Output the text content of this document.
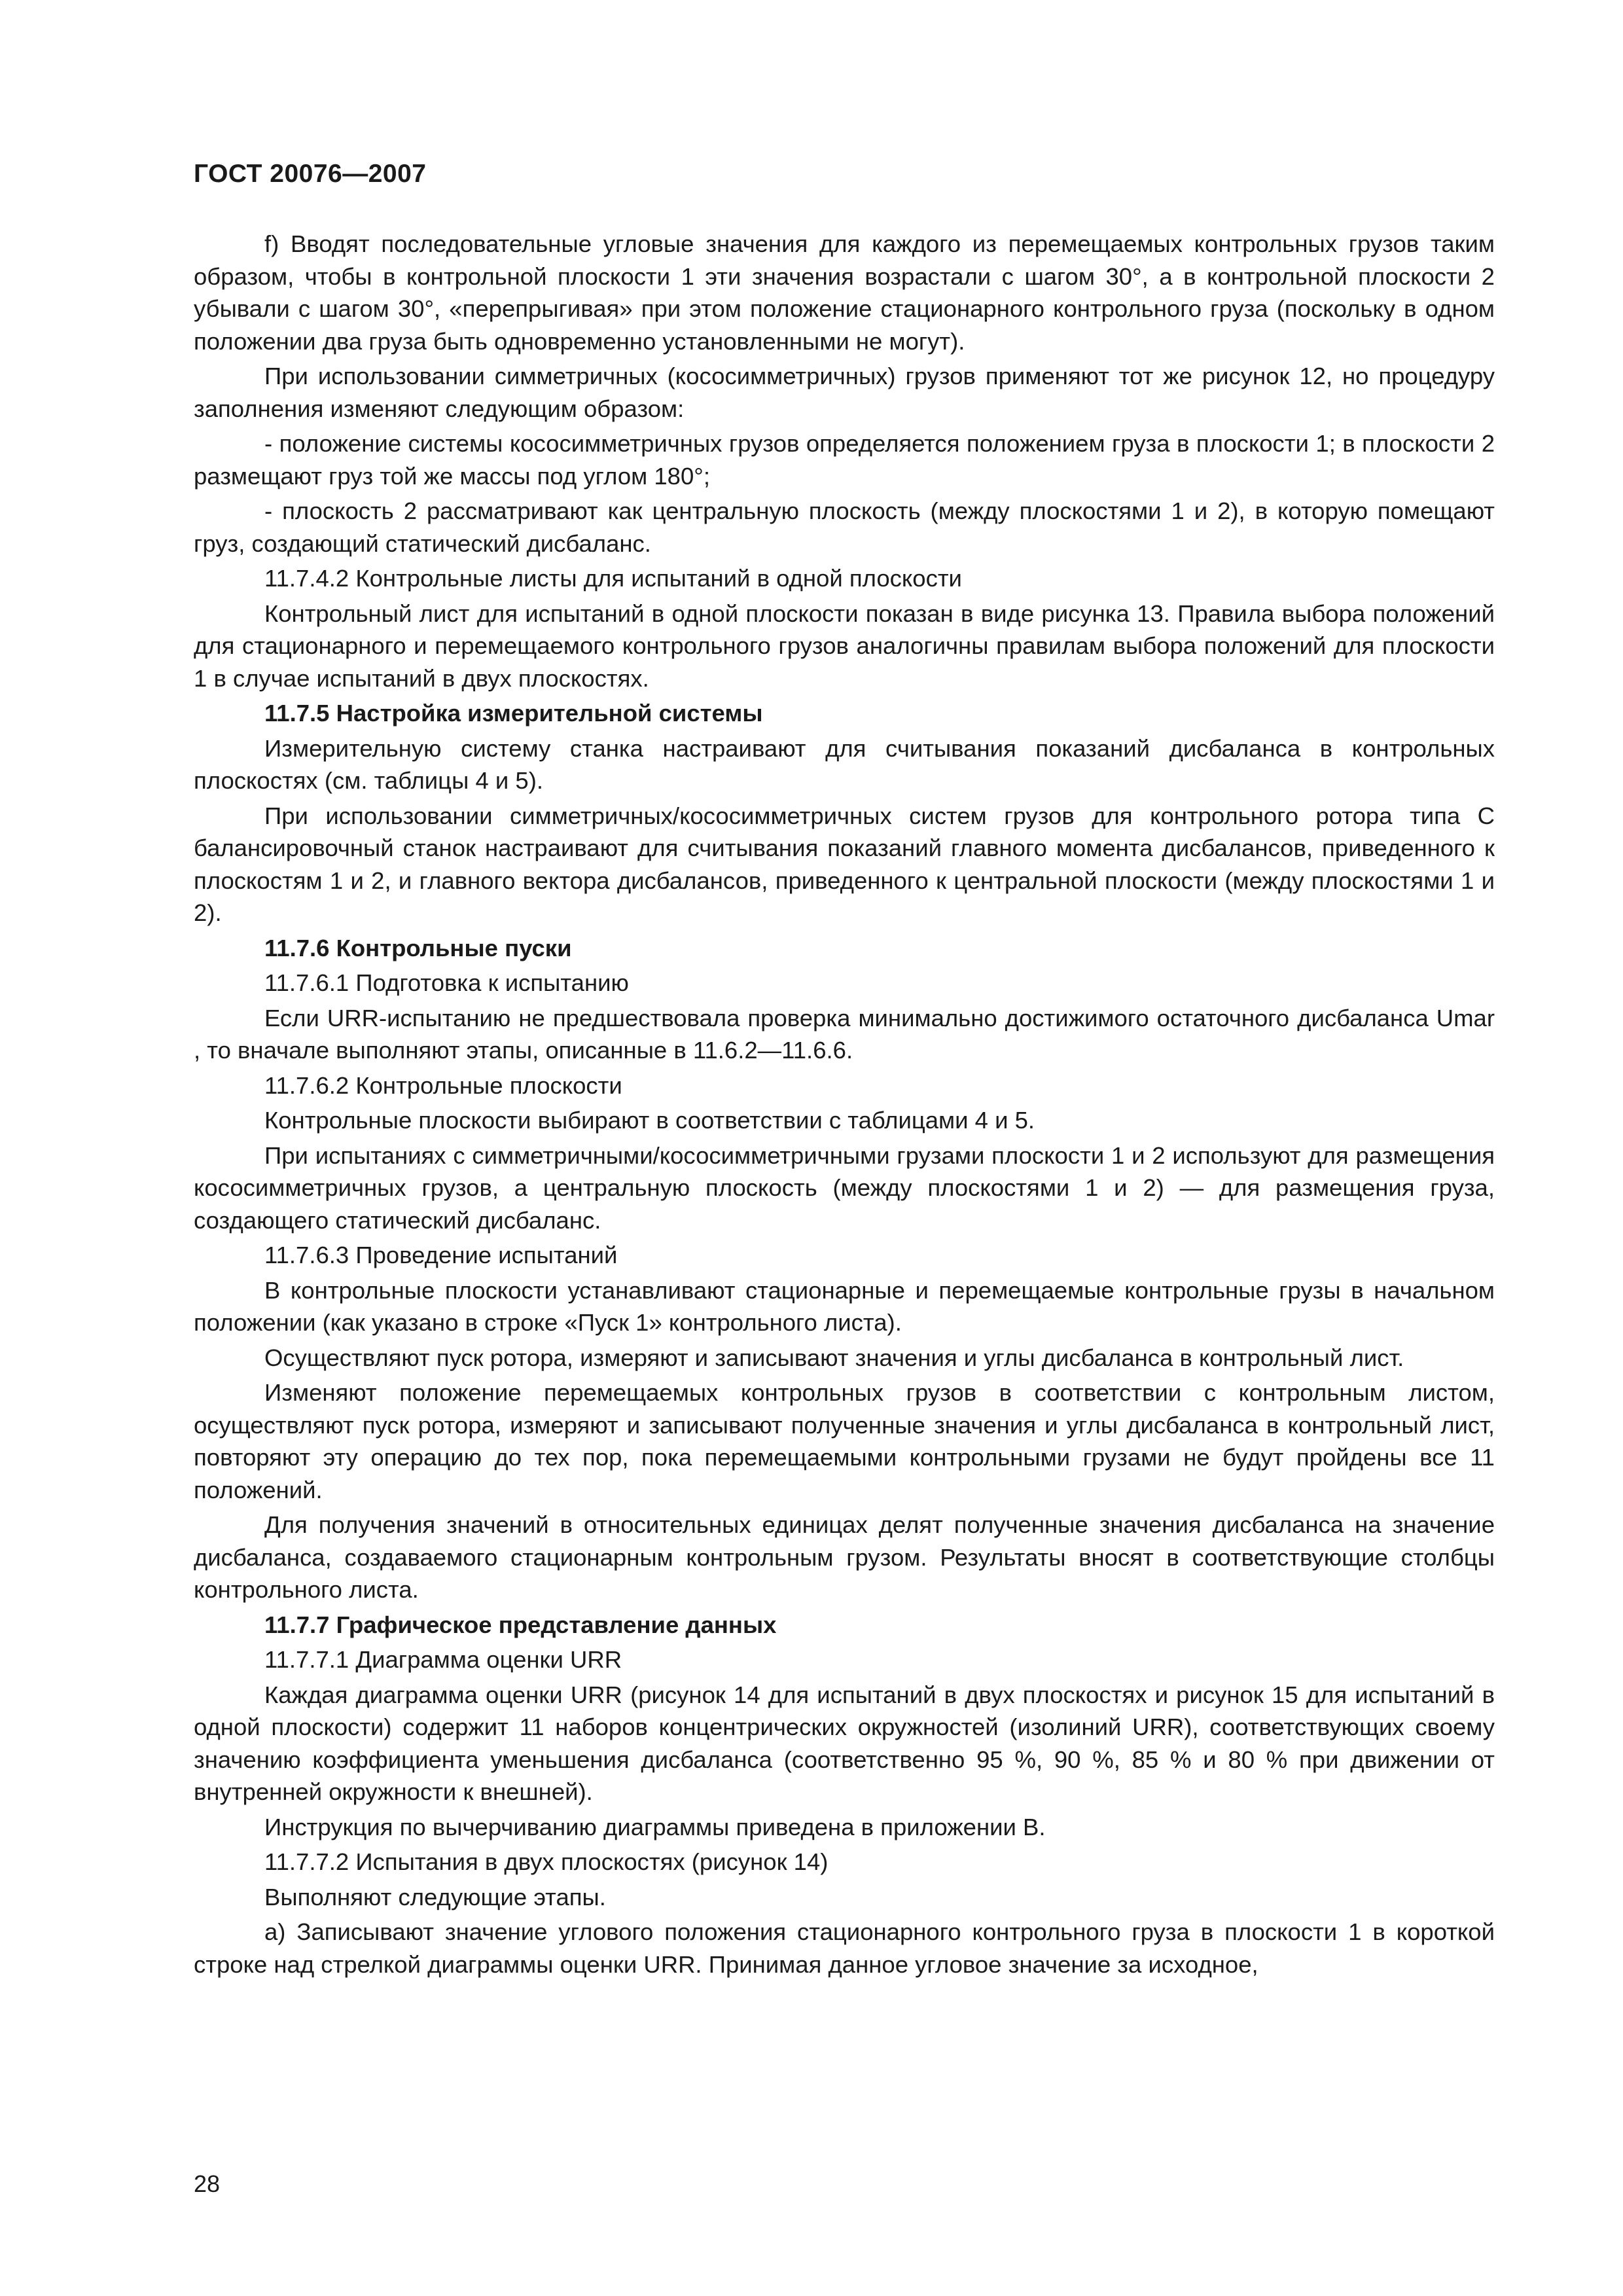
ГОСТ 20076—2007

f) Вводят последовательные угловые значения для каждого из перемещаемых контрольных грузов таким образом, чтобы в контрольной плоскости 1 эти значения возрастали с шагом 30°, а в контрольной плоскости 2 убывали с шагом 30°, «перепрыгивая» при этом положение стационарного контрольного груза (поскольку в одном положении два груза быть одновременно установленными не могут).

При использовании симметричных (кососимметричных) грузов применяют тот же рисунок 12, но процедуру заполнения изменяют следующим образом:

- положение системы кососимметричных грузов определяется положением груза в плоскости 1; в плоскости 2 размещают груз той же массы под углом 180°;

- плоскость 2 рассматривают как центральную плоскость (между плоскостями 1 и 2), в которую помещают груз, создающий статический дисбаланс.

11.7.4.2 Контрольные листы для испытаний в одной плоскости

Контрольный лист для испытаний в одной плоскости показан в виде рисунка 13. Правила выбора положений для стационарного и перемещаемого контрольного грузов аналогичны правилам выбора положений для плоскости 1 в случае испытаний в двух плоскостях.

11.7.5 Настройка измерительной системы

Измерительную систему станка настраивают для считывания показаний дисбаланса в контрольных плоскостях (см. таблицы 4 и 5).

При использовании симметричных/кососимметричных систем грузов для контрольного ротора типа С балансировочный станок настраивают для считывания показаний главного момента дисбалансов, приведенного к плоскостям 1 и 2, и главного вектора дисбалансов, приведенного к центральной плоскости (между плоскостями 1 и 2).

11.7.6 Контрольные пуски

11.7.6.1 Подготовка к испытанию

Если URR-испытанию не предшествовала проверка минимально достижимого остаточного дисбаланса Umar , то вначале выполняют этапы, описанные в 11.6.2—11.6.6.

11.7.6.2 Контрольные плоскости

Контрольные плоскости выбирают в соответствии с таблицами 4 и 5.

При испытаниях с симметричными/кососимметричными грузами плоскости 1 и 2 используют для размещения кососимметричных грузов, а центральную плоскость (между плоскостями 1 и 2) — для размещения груза, создающего статический дисбаланс.

11.7.6.3 Проведение испытаний

В контрольные плоскости устанавливают стационарные и перемещаемые контрольные грузы в начальном положении (как указано в строке «Пуск 1» контрольного листа).

Осуществляют пуск ротора, измеряют и записывают значения и углы дисбаланса в контрольный лист.

Изменяют положение перемещаемых контрольных грузов в соответствии с контрольным листом, осуществляют пуск ротора, измеряют и записывают полученные значения и углы дисбаланса в контрольный лист, повторяют эту операцию до тех пор, пока перемещаемыми контрольными грузами не будут пройдены все 11 положений.

Для получения значений в относительных единицах делят полученные значения дисбаланса на значение дисбаланса, создаваемого стационарным контрольным грузом. Результаты вносят в соответствующие столбцы контрольного листа.

11.7.7 Графическое представление данных

11.7.7.1 Диаграмма оценки URR

Каждая диаграмма оценки URR (рисунок 14 для испытаний в двух плоскостях и рисунок 15 для испытаний в одной плоскости) содержит 11 наборов концентрических окружностей (изолиний URR), соответствующих своему значению коэффициента уменьшения дисбаланса (соответственно 95 %, 90 %, 85 % и 80 % при движении от внутренней окружности к внешней).

Инструкция по вычерчиванию диаграммы приведена в приложении В.

11.7.7.2 Испытания в двух плоскостях (рисунок 14)

Выполняют следующие этапы.

а) Записывают значение углового положения стационарного контрольного груза в плоскости 1 в короткой строке над стрелкой диаграммы оценки URR. Принимая данное угловое значение за исходное,

28
